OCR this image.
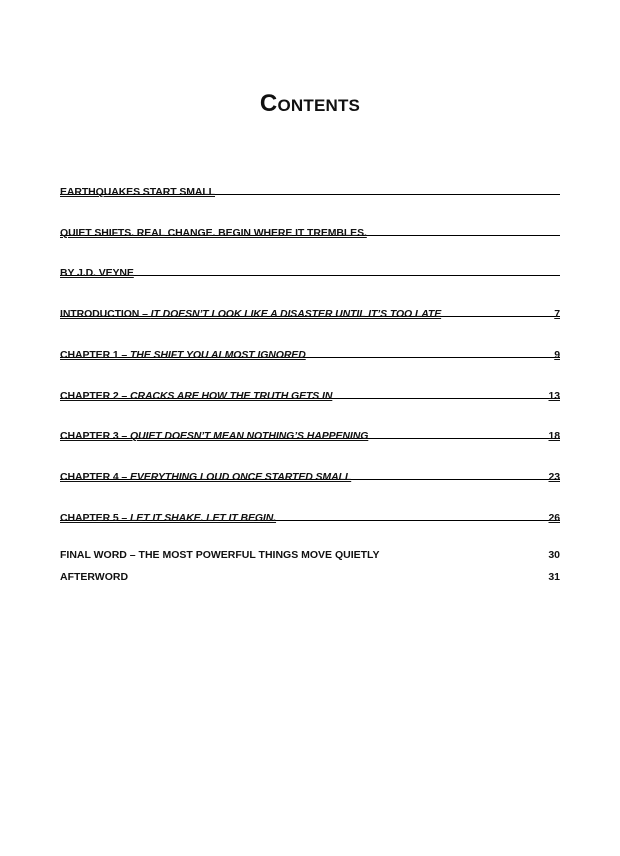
Contents
EARTHQUAKES START SMALL
QUIET SHIFTS. REAL CHANGE. BEGIN WHERE IT TREMBLES.
BY J.D. VEYNE
INTRODUCTION – IT DOESN’T LOOK LIKE A DISASTER UNTIL IT’S TOO LATE	7
CHAPTER 1 – THE SHIFT YOU ALMOST IGNORED	9
CHAPTER 2 – CRACKS ARE HOW THE TRUTH GETS IN	13
CHAPTER 3 – QUIET DOESN’T MEAN NOTHING’S HAPPENING	18
CHAPTER 4 – EVERYTHING LOUD ONCE STARTED SMALL	23
CHAPTER 5 – LET IT SHAKE. LET IT BEGIN.	26
FINAL WORD – THE MOST POWERFUL THINGS MOVE QUIETLY	30
AFTERWORD	31
